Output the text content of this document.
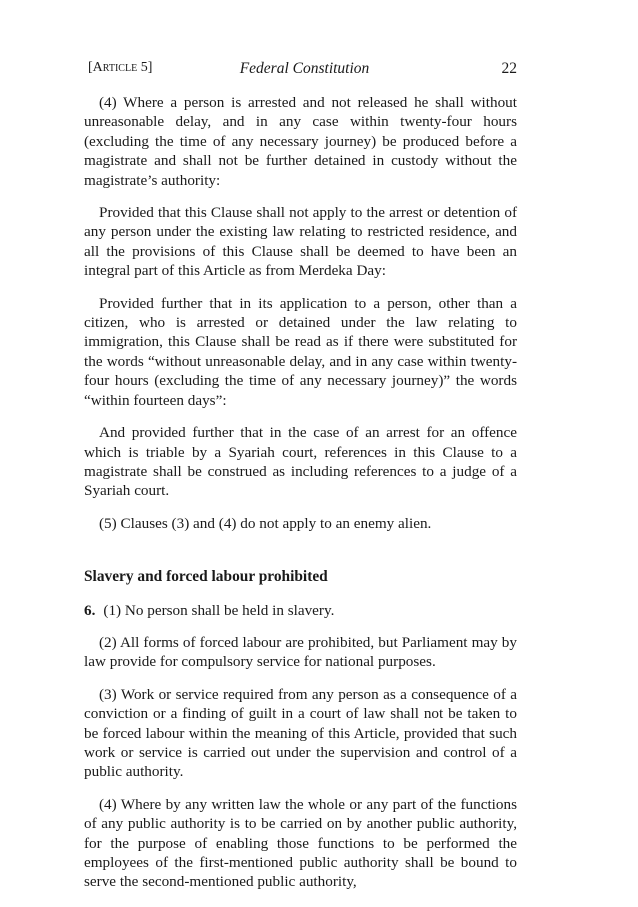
[Article 5]	Federal Constitution	22

(4) Where a person is arrested and not released he shall without unreasonable delay, and in any case within twenty-four hours (excluding the time of any necessary journey) be produced before a magistrate and shall not be further detained in custody without the magistrate’s authority:

Provided that this Clause shall not apply to the arrest or detention of any person under the existing law relating to restricted residence, and all the provisions of this Clause shall be deemed to have been an integral part of this Article as from Merdeka Day:

Provided further that in its application to a person, other than a citizen, who is arrested or detained under the law relating to immigration, this Clause shall be read as if there were substituted for the words “without unreasonable delay, and in any case within twenty-four hours (excluding the time of any necessary journey)” the words “within fourteen days”:

And provided further that in the case of an arrest for an offence which is triable by a Syariah court, references in this Clause to a magistrate shall be construed as including references to a judge of a Syariah court.

(5) Clauses (3) and (4) do not apply to an enemy alien.

Slavery and forced labour prohibited

6. (1) No person shall be held in slavery.

(2) All forms of forced labour are prohibited, but Parliament may by law provide for compulsory service for national purposes.

(3) Work or service required from any person as a consequence of a conviction or a finding of guilt in a court of law shall not be taken to be forced labour within the meaning of this Article, provided that such work or service is carried out under the supervision and control of a public authority.

(4) Where by any written law the whole or any part of the functions of any public authority is to be carried on by another public authority, for the purpose of enabling those functions to be performed the employees of the first-mentioned public authority shall be bound to serve the second-mentioned public authority,
